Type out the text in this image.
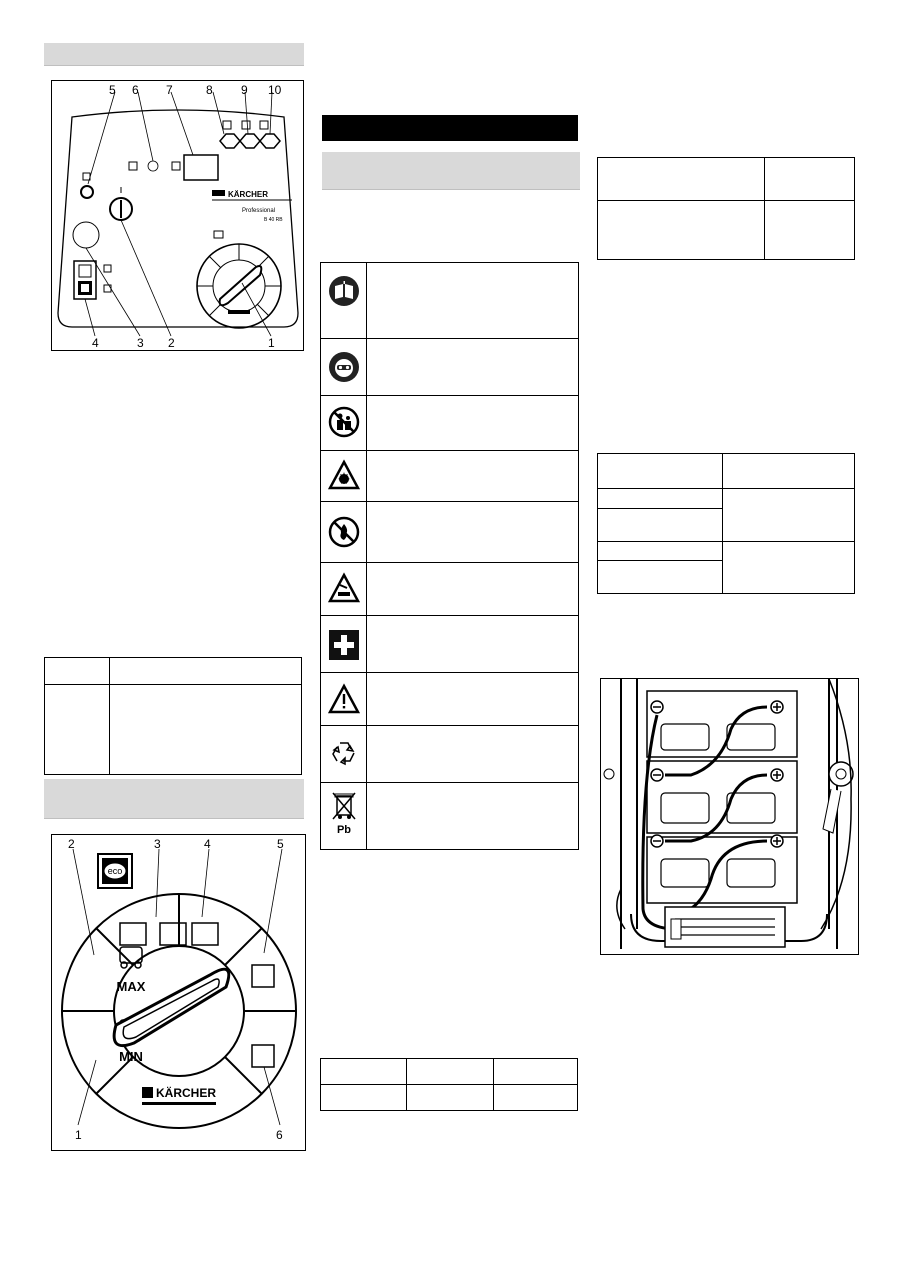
KÄRCHER
Professional
B 40 RB
5 6 7	8 9 10
4	3 2	1

eco
MAX
MIN
KÄRCHER
2	3	4	5
1	6
Pb
